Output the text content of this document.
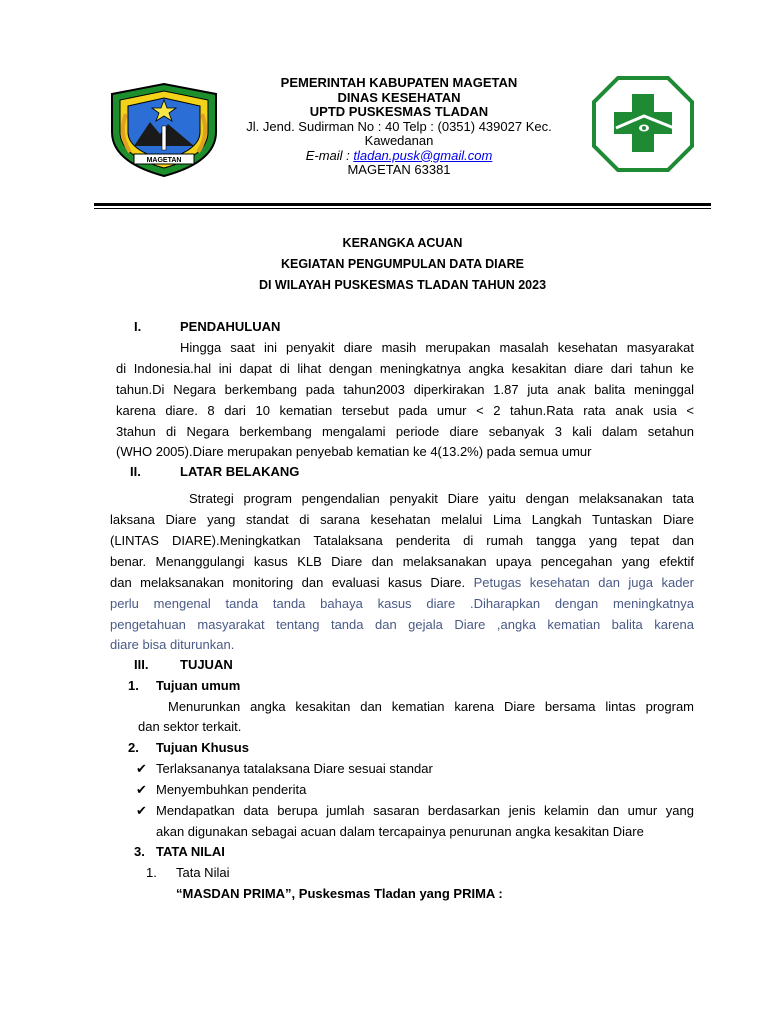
MAGETAN
PEMERINTAH KABUPATEN MAGETAN
DINAS KESEHATAN
UPTD PUSKESMAS TLADAN
Jl. Jend. Sudirman No : 40 Telp : (0351) 439027 Kec.
Kawedanan
E-mail : tladan.pusk@gmail.com
MAGETAN 63381
KERANGKA ACUAN
KEGIATAN PENGUMPULAN DATA DIARE
DI WILAYAH PUSKESMAS TLADAN TAHUN 2023
I.	PENDAHULUAN
Hingga saat ini penyakit diare masih merupakan masalah kesehatan masyarakat
di Indonesia.hal ini dapat di lihat dengan meningkatnya angka kesakitan diare dari tahun ke
tahun.Di Negara berkembang pada tahun2003 diperkirakan 1.87 juta anak balita meninggal
karena diare. 8 dari 10 kematian tersebut pada umur < 2 tahun.Rata rata anak usia <
3tahun di Negara berkembang mengalami periode diare sebanyak 3 kali dalam setahun
(WHO 2005).Diare merupakan penyebab kematian ke 4(13.2%) pada semua umur
II.	LATAR BELAKANG
Strategi program pengendalian penyakit Diare yaitu dengan melaksanakan tata
laksana Diare yang standat di sarana kesehatan melalui Lima Langkah Tuntaskan Diare
(LINTAS DIARE).Meningkatkan Tatalaksana penderita di rumah tangga yang tepat dan
benar. Menanggulangi kasus KLB Diare dan melaksanakan upaya pencegahan yang efektif
dan melaksanakan monitoring dan evaluasi kasus Diare. Petugas kesehatan dan juga kader
perlu mengenal tanda tanda bahaya kasus diare .Diharapkan dengan meningkatnya
pengetahuan masyarakat tentang tanda dan gejala Diare ,angka kematian balita karena
diare bisa diturunkan.
III. TUJUAN
1. Tujuan umum
Menurunkan angka kesakitan dan kematian karena Diare bersama lintas program
dan sektor terkait.
2. Tujuan Khusus
✔ Terlaksananya tatalaksana Diare sesuai standar
✔ Menyembuhkan penderita
✔ Mendapatkan data berupa jumlah sasaran berdasarkan jenis kelamin dan umur yang
akan digunakan sebagai acuan dalam tercapainya penurunan angka kesakitan Diare
3. TATA NILAI
1. Tata Nilai
“MASDAN PRIMA”, Puskesmas Tladan yang PRIMA :
